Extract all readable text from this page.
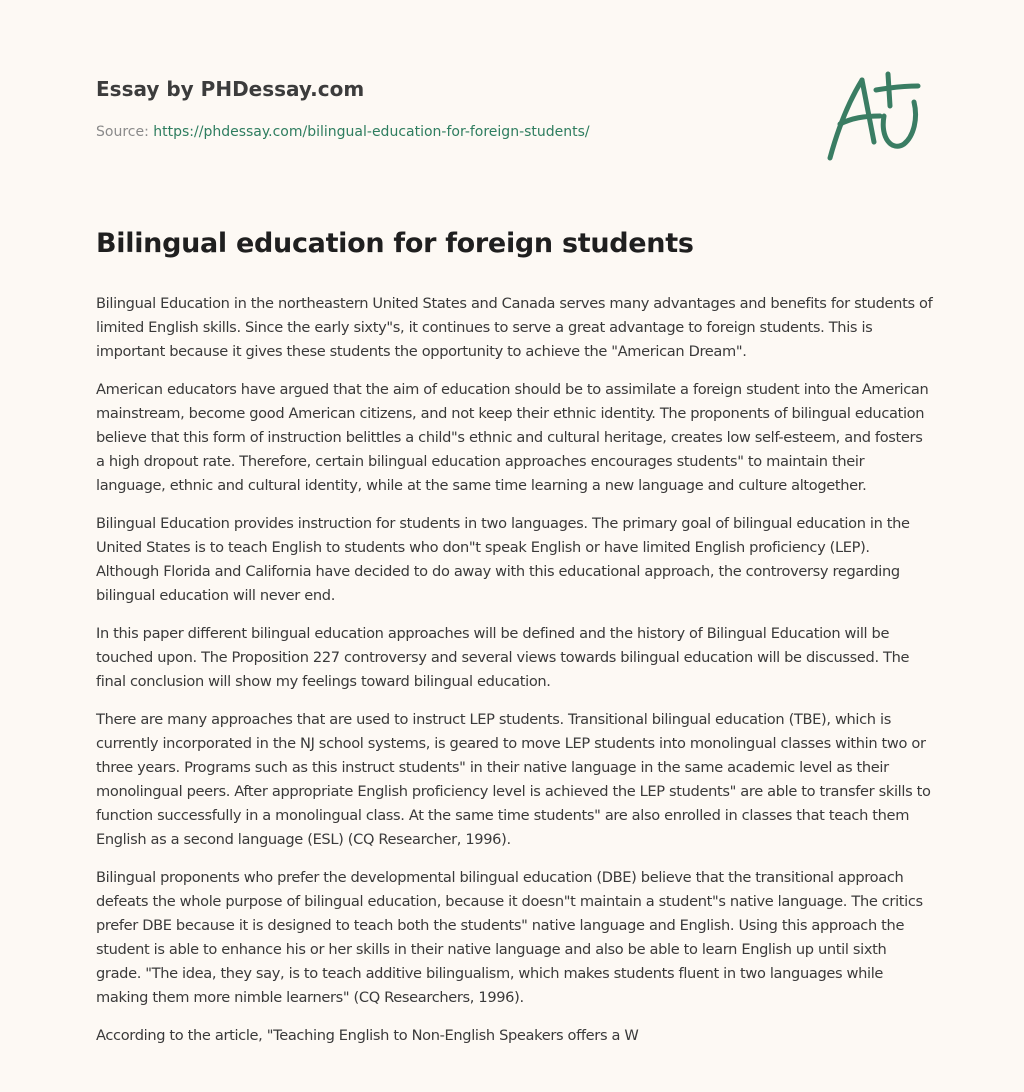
Essay by PHDessay.com
Source: https://phdessay.com/bilingual-education-for-foreign-students/
Bilingual education for foreign students

Bilingual Education in the northeastern United States and Canada serves many advantages and benefits for students of limited English skills. Since the early sixty"s, it continues to serve a great advantage to foreign students. This is important because it gives these students the opportunity to achieve the "American Dream".

American educators have argued that the aim of education should be to assimilate a foreign student into the American mainstream, become good American citizens, and not keep their ethnic identity. The proponents of bilingual education believe that this form of instruction belittles a child"s ethnic and cultural heritage, creates low self-esteem, and fosters a high dropout rate. Therefore, certain bilingual education approaches encourages students" to maintain their language, ethnic and cultural identity, while at the same time learning a new language and culture altogether.

Bilingual Education provides instruction for students in two languages. The primary goal of bilingual education in the United States is to teach English to students who don"t speak English or have limited English proficiency (LEP). Although Florida and California have decided to do away with this educational approach, the controversy regarding bilingual education will never end.

In this paper different bilingual education approaches will be defined and the history of Bilingual Education will be touched upon. The Proposition 227 controversy and several views towards bilingual education will be discussed. The final conclusion will show my feelings toward bilingual education.

There are many approaches that are used to instruct LEP students. Transitional bilingual education (TBE), which is currently incorporated in the NJ school systems, is geared to move LEP students into monolingual classes within two or three years. Programs such as this instruct students" in their native language in the same academic level as their monolingual peers. After appropriate English proficiency level is achieved the LEP students" are able to transfer skills to function successfully in a monolingual class. At the same time students" are also enrolled in classes that teach them English as a second language (ESL) (CQ Researcher, 1996).

Bilingual proponents who prefer the developmental bilingual education (DBE) believe that the transitional approach defeats the whole purpose of bilingual education, because it doesn"t maintain a student"s native language. The critics prefer DBE because it is designed to teach both the students" native language and English. Using this approach the student is able to enhance his or her skills in their native language and also be able to learn English up until sixth grade. "The idea, they say, is to teach additive bilingualism, which makes students fluent in two languages while making them more nimble learners" (CQ Researchers, 1996).

According to the article, "Teaching English to Non-English Speakers offers a W
